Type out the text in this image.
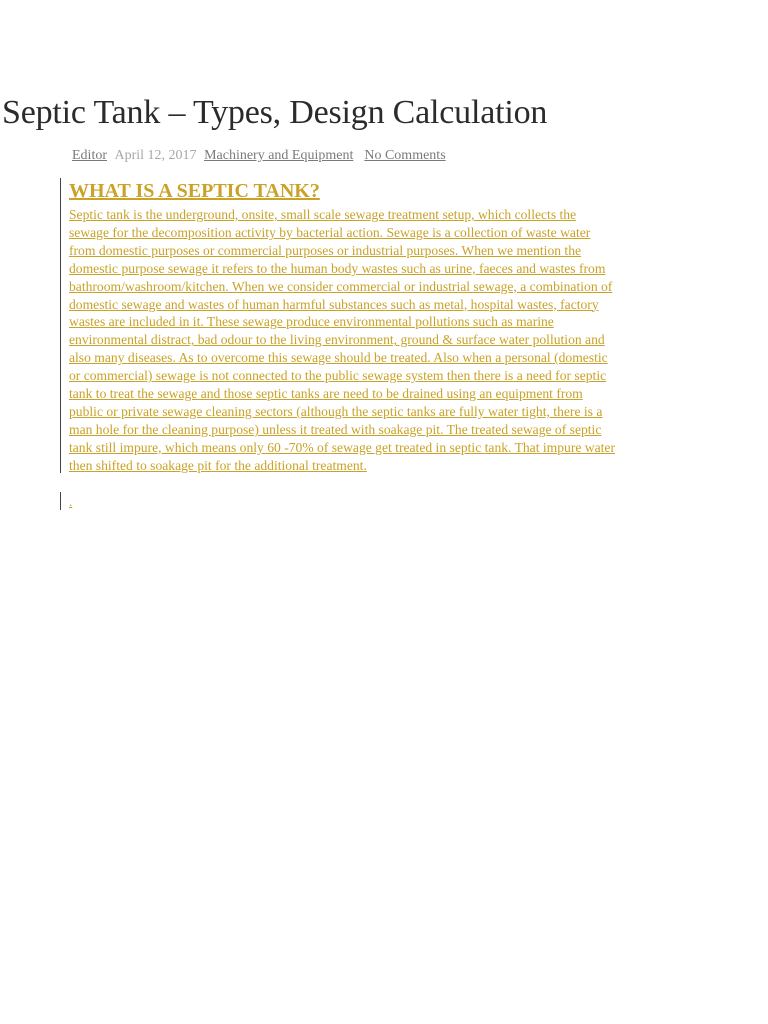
Septic Tank – Types, Design Calculation
Editor April 12, 2017 Machinery and Equipment No Comments
WHAT IS A SEPTIC TANK?
Septic tank is the underground, onsite, small scale sewage treatment setup, which collects the
sewage for the decomposition activity by bacterial action. Sewage is a collection of waste water
from domestic purposes or commercial purposes or industrial purposes. When we mention the
domestic purpose sewage it refers to the human body wastes such as urine, faeces and wastes from
bathroom/washroom/kitchen. When we consider commercial or industrial sewage, a combination of
domestic sewage and wastes of human harmful substances such as metal, hospital wastes, factory
wastes are included in it. These sewage produce environmental pollutions such as marine
environmental distract, bad odour to the living environment, ground & surface water pollution and
also many diseases. As to overcome this sewage should be treated. Also when a personal (domestic
or commercial) sewage is not connected to the public sewage system then there is a need for septic
tank to treat the sewage and those septic tanks are need to be drained using an equipment from
public or private sewage cleaning sectors (although the septic tanks are fully water tight, there is a
man hole for the cleaning purpose) unless it treated with soakage pit. The treated sewage of septic
tank still impure, which means only 60 -70% of sewage get treated in septic tank. That impure water
then shifted to soakage pit for the additional treatment.
.
